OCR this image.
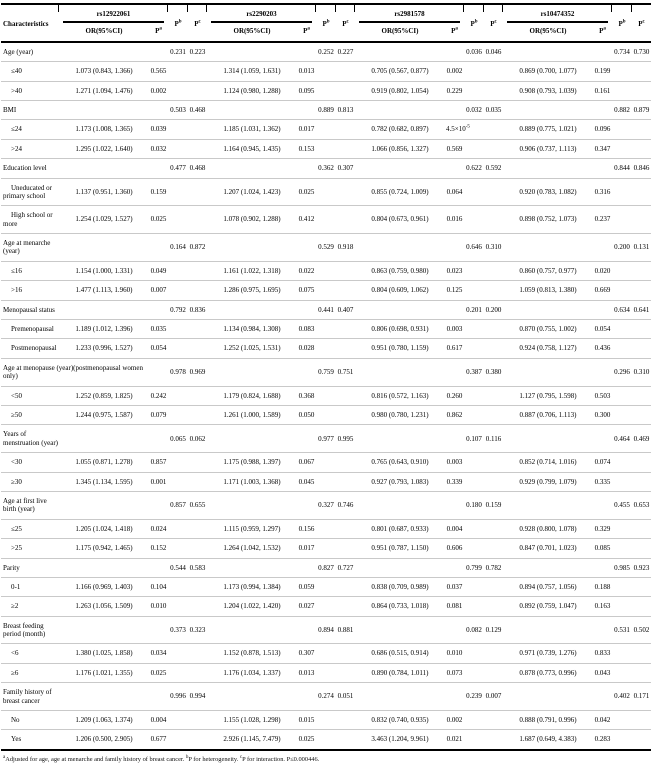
Characteristics	rs12922061		$P^b$	$P^c$	rs2290203		$P^b$	$P^c$	rs2981578		$P^b$	$P^c$	rs10474352		$P^b$	$P^c$
	OR(95%CI)	$P^a$			OR(95%CI)	$P^a$			OR(95%CI)	$P^a$			OR(95%CI)	$P^a$
Age (year)			0.231	0.223			0.252	0.227			0.036	0.046			0.734	0.730
≤40	1.073 (0.843, 1.366)	0.565			1.314 (1.059, 1.631)	0.013			0.705 (0.567, 0.877)	0.002			0.869 (0.700, 1.077)	0.199		
>40	1.271 (1.094, 1.476)	0.002			1.124 (0.980, 1.288)	0.095			0.919 (0.802, 1.054)	0.229			0.908 (0.793, 1.039)	0.161		
BMI			0.503	0.468			0.889	0.813			0.032	0.035			0.882	0.879
≤24	1.173 (1.008, 1.365)	0.039			1.185 (1.031, 1.362)	0.017			0.782 (0.682, 0.897)	$4.5\times 10^{-5}$			0.889 (0.775, 1.021)	0.096		
>24	1.295 (1.022, 1.640)	0.032			1.164 (0.945, 1.435)	0.153			1.066 (0.856, 1.327)	0.569			0.906 (0.737, 1.113)	0.347		
Education level			0.477	0.468			0.362	0.307			0.622	0.592			0.844	0.846
Uneducated or primary school	1.137 (0.951, 1.360)	0.159			1.207 (1.024, 1.423)	0.025			0.855 (0.724, 1.009)	0.064			0.920 (0.783, 1.082)	0.316		
High school or more	1.254 (1.029, 1.527)	0.025			1.078 (0.902, 1.288)	0.412			0.804 (0.673, 0.961)	0.016			0.898 (0.752, 1.073)	0.237		
Age at menarche (year)			0.164	0.872			0.529	0.918			0.646	0.310			0.200	0.131
≤16	1.154 (1.000, 1.331)	0.049			1.161 (1.022, 1.318)	0.022			0.863 (0.759, 0.980)	0.023			0.860 (0.757, 0.977)	0.020		
>16	1.477 (1.113, 1.960)	0.007			1.286 (0.975, 1.695)	0.075			0.804 (0.609, 1.062)	0.125			1.059 (0.813, 1.380)	0.669		
Menopausal status			0.792	0.836			0.441	0.407			0.201	0.200			0.634	0.641
Premenopausal	1.189 (1.012, 1.396)	0.035			1.134 (0.984, 1.308)	0.083			0.806 (0.698, 0.931)	0.003			0.870 (0.755, 1.002)	0.054		
Postmenopausal	1.233 (0.996, 1.527)	0.054			1.252 (1.025, 1.531)	0.028			0.951 (0.780, 1.159)	0.617			0.924 (0.758, 1.127)	0.436		
Age at menopause (year)(postmenopausal women only)			0.978	0.969			0.759	0.751			0.387	0.380			0.296	0.310
<50	1.252 (0.859, 1.825)	0.242			1.179 (0.824, 1.688)	0.368			0.816 (0.572, 1.163)	0.260			1.127 (0.795, 1.598)	0.503		
≥50	1.244 (0.975, 1.587)	0.079			1.261 (1.000, 1.589)	0.050			0.980 (0.780, 1.231)	0.862			0.887 (0.706, 1.113)	0.300		
Years of menstruation (year)			0.065	0.062			0.977	0.995			0.107	0.116			0.464	0.469
<30	1.055 (0.871, 1.278)	0.857			1.175 (0.988, 1.397)	0.067			0.765 (0.643, 0.910)	0.003			0.852 (0.714, 1.016)	0.074		
≥30	1.345 (1.134, 1.595)	0.001			1.171 (1.003, 1.368)	0.045			0.927 (0.793, 1.083)	0.339			0.929 (0.799, 1.079)	0.335		
Age at first live birth (year)			0.857	0.655			0.327	0.746			0.180	0.159			0.455	0.653
≤25	1.205 (1.024, 1.418)	0.024			1.115 (0.959, 1.297)	0.156			0.801 (0.687, 0.933)	0.004			0.928 (0.800, 1.078)	0.329		
>25	1.175 (0.942, 1.465)	0.152			1.264 (1.042, 1.532)	0.017			0.951 (0.787, 1.150)	0.606			0.847 (0.701, 1.023)	0.085		
Parity			0.544	0.583			0.827	0.727			0.799	0.782			0.985	0.923
0-1	1.166 (0.969, 1.403)	0.104			1.173 (0.994, 1.384)	0.059			0.838 (0.709, 0.989)	0.037			0.894 (0.757, 1.056)	0.188		
≥2	1.263 (1.056, 1.509)	0.010			1.204 (1.022, 1.420)	0.027			0.864 (0.733, 1.018)	0.081			0.892 (0.759, 1.047)	0.163		
Breast feeding period (month)			0.373	0.323			0.894	0.881			0.082	0.129			0.531	0.502
<6	1.380 (1.025, 1.858)	0.034			1.152 (0.878, 1.513)	0.307			0.686 (0.515, 0.914)	0.010			0.971 (0.739, 1.276)	0.833		
≥6	1.176 (1.021, 1.355)	0.025			1.176 (1.034, 1.337)	0.013			0.890 (0.784, 1.011)	0.073			0.878 (0.773, 0.996)	0.043		
Family history of breast cancer			0.996	0.994			0.274	0.051			0.239	0.007			0.402	0.171
No	1.209 (1.063, 1.374)	0.004			1.155 (1.028, 1.298)	0.015			0.832 (0.740, 0.935)	0.002			0.888 (0.791, 0.996)	0.042		
Yes	1.206 (0.500, 2.905)	0.677			2.926 (1.145, 7.479)	0.025			3.463 (1.204, 9.961)	0.021			1.687 (0.649, 4.383)	0.283		
$^a$Adjusted for age, age at menarche and family history of breast cancer. $^b$P for heterogeneity. $^c$P for interaction. P≤0.000446.
